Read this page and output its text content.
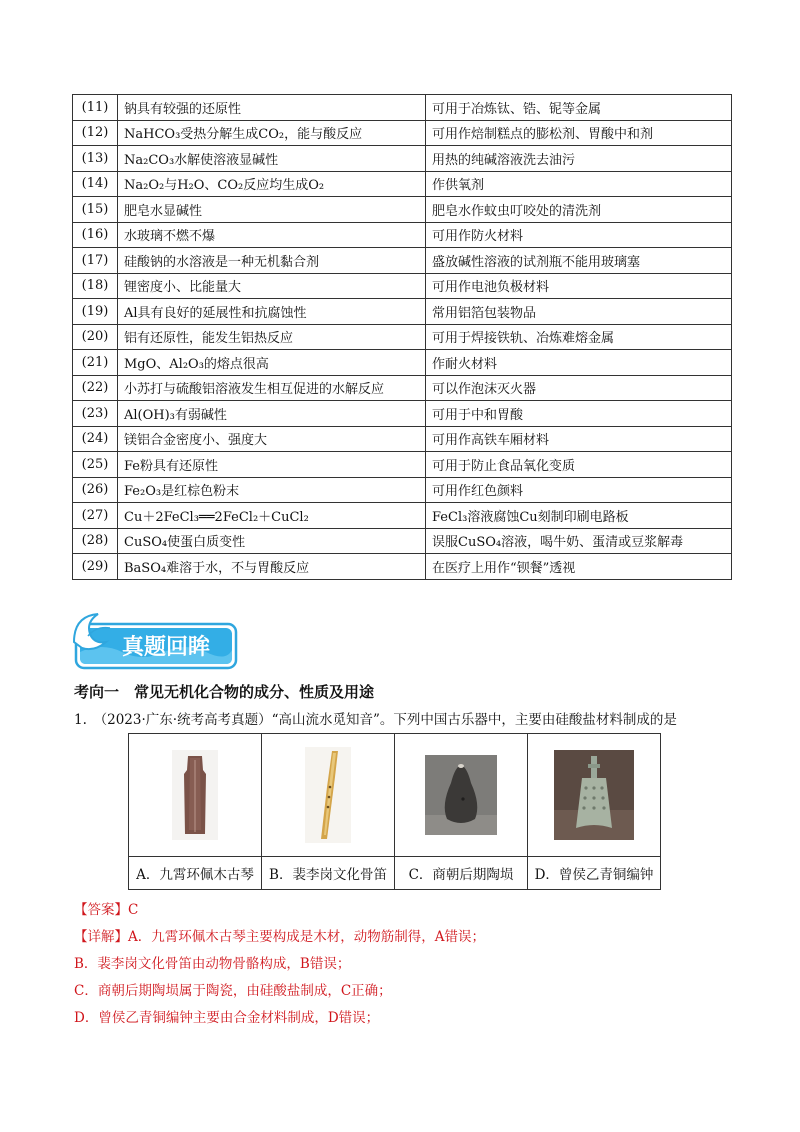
(11)	钠具有较强的还原性	可用于冶炼钛、锆、铌等金属
(12)	NaHCO₃受热分解生成CO₂，能与酸反应	可用作焙制糕点的膨松剂、胃酸中和剂
(13)	Na₂CO₃水解使溶液显碱性	用热的纯碱溶液洗去油污
(14)	Na₂O₂与H₂O、CO₂反应均生成O₂	作供氧剂
(15)	肥皂水显碱性	肥皂水作蚊虫叮咬处的清洗剂
(16)	水玻璃不燃不爆	可用作防火材料
(17)	硅酸钠的水溶液是一种无机黏合剂	盛放碱性溶液的试剂瓶不能用玻璃塞
(18)	锂密度小、比能量大	可用作电池负极材料
(19)	Al具有良好的延展性和抗腐蚀性	常用铝箔包装物品
(20)	铝有还原性，能发生铝热反应	可用于焊接铁轨、冶炼难熔金属
(21)	MgO、Al₂O₃的熔点很高	作耐火材料
(22)	小苏打与硫酸铝溶液发生相互促进的水解反应	可以作泡沫灭火器
(23)	Al(OH)₃有弱碱性	可用于中和胃酸
(24)	镁铝合金密度小、强度大	可用作高铁车厢材料
(25)	Fe粉具有还原性	可用于防止食品氧化变质
(26)	Fe₂O₃是红棕色粉末	可用作红色颜料
(27)	Cu＋2FeCl₃══2FeCl₂＋CuCl₂	FeCl₃溶液腐蚀Cu刻制印刷电路板
(28)	CuSO₄使蛋白质变性	误服CuSO₄溶液，喝牛奶、蛋清或豆浆解毒
(29)	BaSO₄难溶于水，不与胃酸反应	在医疗上用作“钡餐”透视
真题回眸
考向一　常见无机化合物的成分、性质及用途
1.　（2023·广东·统考高考真题）“高山流水觅知音”。下列中国古乐器中，主要由硅酸盐材料制成的是

A．九霄环佩木古琴	B．裴李岗文化骨笛	C．商朝后期陶埙	D．曾侯乙青铜编钟
【答案】C
【详解】A．九霄环佩木古琴主要构成是木材，动物筋制得，A错误；
B．裴李岗文化骨笛由动物骨骼构成，B错误；
C．商朝后期陶埙属于陶瓷，由硅酸盐制成，C正确；
D．曾侯乙青铜编钟主要由合金材料制成，D错误；
